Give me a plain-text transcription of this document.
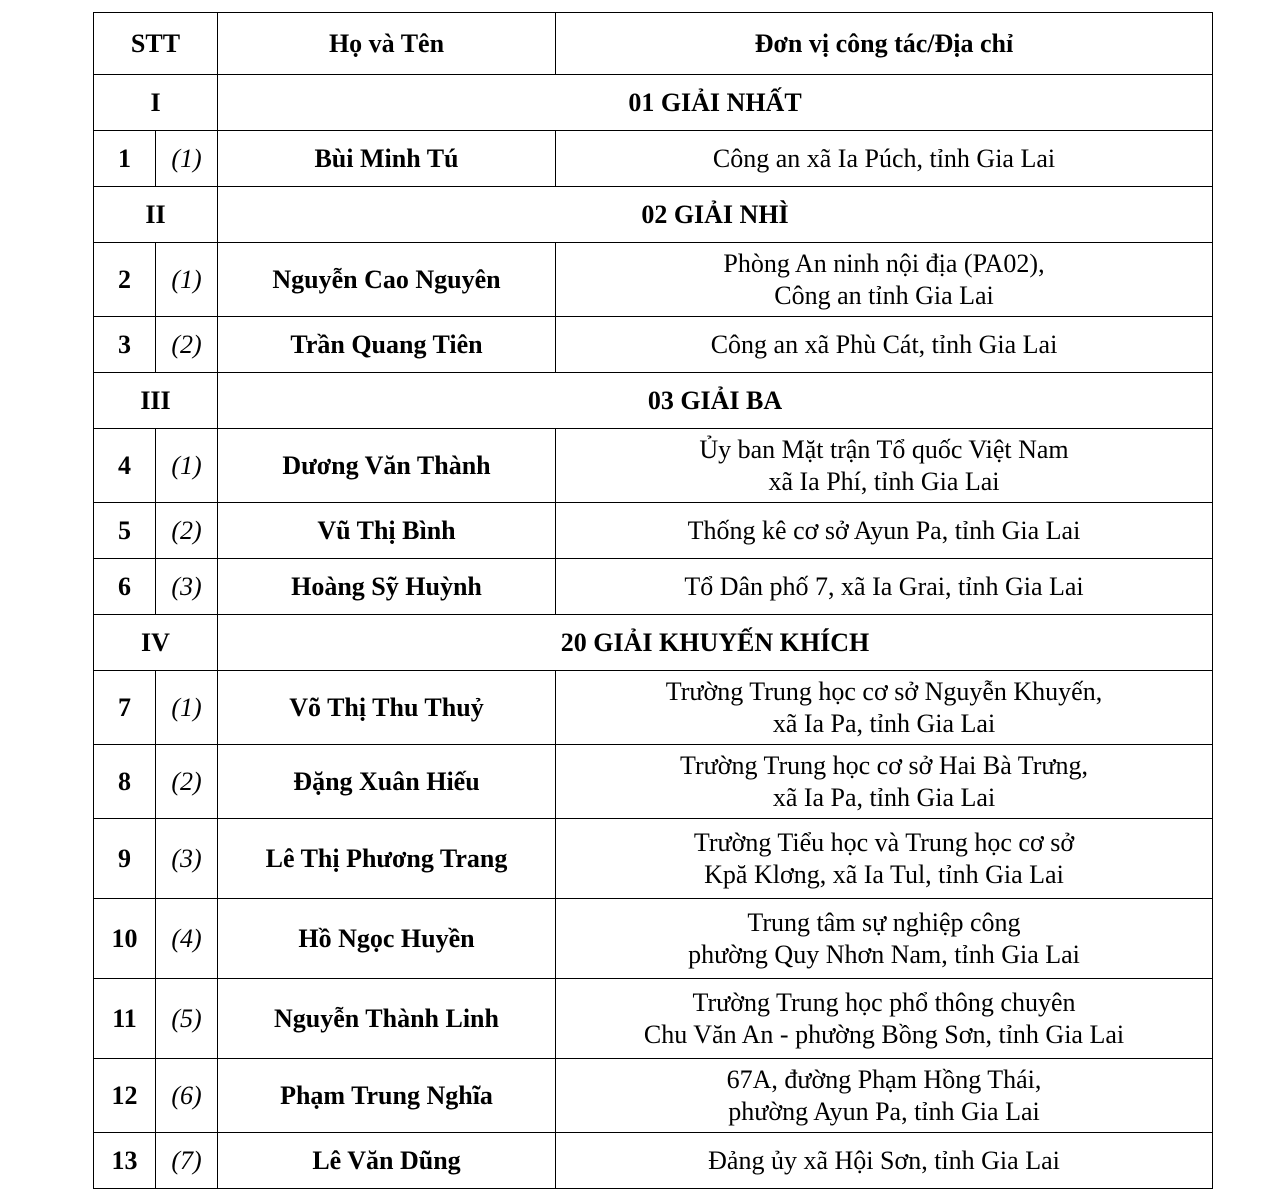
STT		Họ và Tên	Đơn vị công tác/Địa chỉ
I		01 GIẢI NHẤT	
1	(1)	Bùi Minh Tú	Công an xã Ia Púch, tỉnh Gia Lai

II		02 GIẢI NHÌ	
2	(1)	Nguyễn Cao Nguyên	Phòng An ninh nội địa (PA02),
Công an tỉnh Gia Lai

3	(2)	Trần Quang Tiên	Công an xã Phù Cát, tỉnh Gia Lai

III		03 GIẢI BA	
4	(1)	Dương Văn Thành	Ủy ban Mặt trận Tổ quốc Việt Nam
xã Ia Phí, tỉnh Gia Lai

5	(2)	Vũ Thị Bình	Thống kê cơ sở Ayun Pa, tỉnh Gia Lai

6	(3)	Hoàng Sỹ Huỳnh	Tổ Dân phố 7, xã Ia Grai, tỉnh Gia Lai

IV		20 GIẢI KHUYẾN KHÍCH	
7	(1)	Võ Thị Thu Thuỷ	Trường Trung học cơ sở Nguyễn Khuyến,
xã Ia Pa, tỉnh Gia Lai

8	(2)	Đặng Xuân Hiếu	Trường Trung học cơ sở Hai Bà Trưng,
xã Ia Pa, tỉnh Gia Lai

9	(3)	Lê Thị Phương Trang	Trường Tiểu học và Trung học cơ sở
Kpă Klơng, xã Ia Tul, tỉnh Gia Lai

10	(4)	Hồ Ngọc Huyền	Trung tâm sự nghiệp công
phường Quy Nhơn Nam, tỉnh Gia Lai

11	(5)	Nguyễn Thành Linh	Trường Trung học phổ thông chuyên
Chu Văn An - phường Bồng Sơn, tỉnh Gia Lai

12	(6)	Phạm Trung Nghĩa	67A, đường Phạm Hồng Thái,
phường Ayun Pa, tỉnh Gia Lai

13	(7)	Lê Văn Dũng	Đảng ủy xã Hội Sơn, tỉnh Gia Lai
